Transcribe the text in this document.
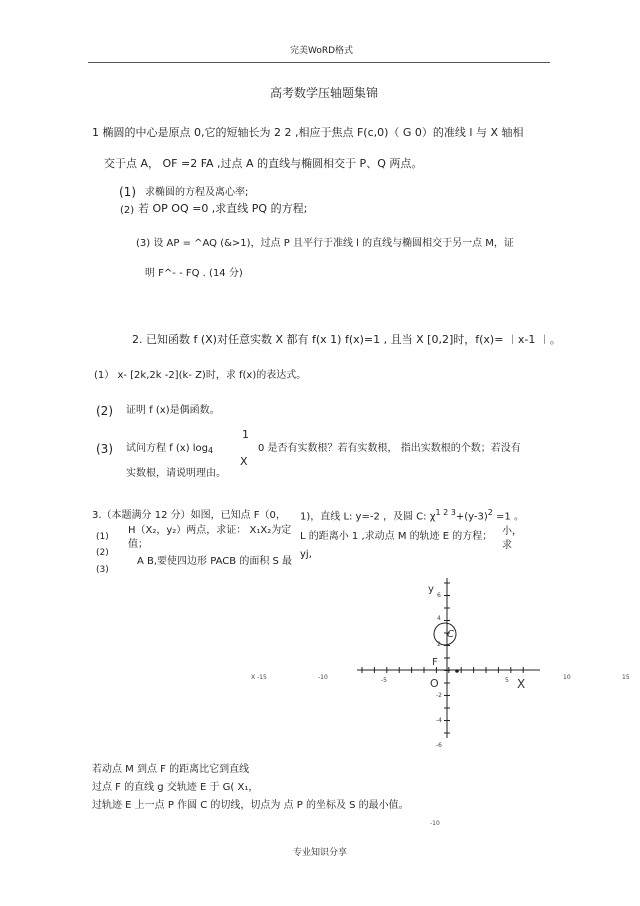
完美WoRD格式
高考数学压轴题集锦
1 椭圆的中心是原点 0,它的短轴长为 2 2 ,相应于焦点 F(c,0)（ G 0）的准线 l 与 X 轴相
交于点 A， OF =2 FA ,过点 A 的直线与椭圆相交于 P、Q 两点。
(1) 求椭圆的方程及离心率;
(2) 若 OP OQ =0 ,求直线 PQ 的方程;
(3) 设 AP = ^AQ (&>1)，过点 P 且平行于准线 l 的直线与椭圆相交于另一点 M，证
明 F^- - FQ . (14 分)
2. 已知函数 f (X)对任意实数 X 都有 f(x 1) f(x)=1 , 且当 X [0,2]时，f(x)= ︱x-1 ︱。
(1） x- [2k,2k -2](k- Z)时，求 f(x)的表达式。
(2) 证明 f (x)是偶函数。
(3) 试问方程 f (x) $\log_4$
1
X
0 是否有实数根？若有实数根， 指出实数根的个数；若没有
实数根，请说明理由。
3.（本题满分 12 分）如图，已知点 F（0， 1)，直线 L: y=-2 ，及圆 C: $\chi^{1 2 3}+(y-3)^2 =1$ 。
(1)
(2)
(3)
H（X₂，y₂）两点，求证： X₁X₂为定
值；
A B,要使四边形 PACB 的面积 S 最
L 的距离小 1 ,求动点 M 的轨迹 E 的方程；
yj,
小，
求
y
C
F
O	X
X -15	-10	-5	5	10	15
6
4
2
-2
-4
-6
-10
若动点 M 到点 F 的距离比它到直线
过点 F 的直线 g 交轨迹 E 于 G( X₁，
过轨迹 E 上一点 P 作圆 C 的切线，切点为 点 P 的坐标及 S 的最小值。
专业知识分享
